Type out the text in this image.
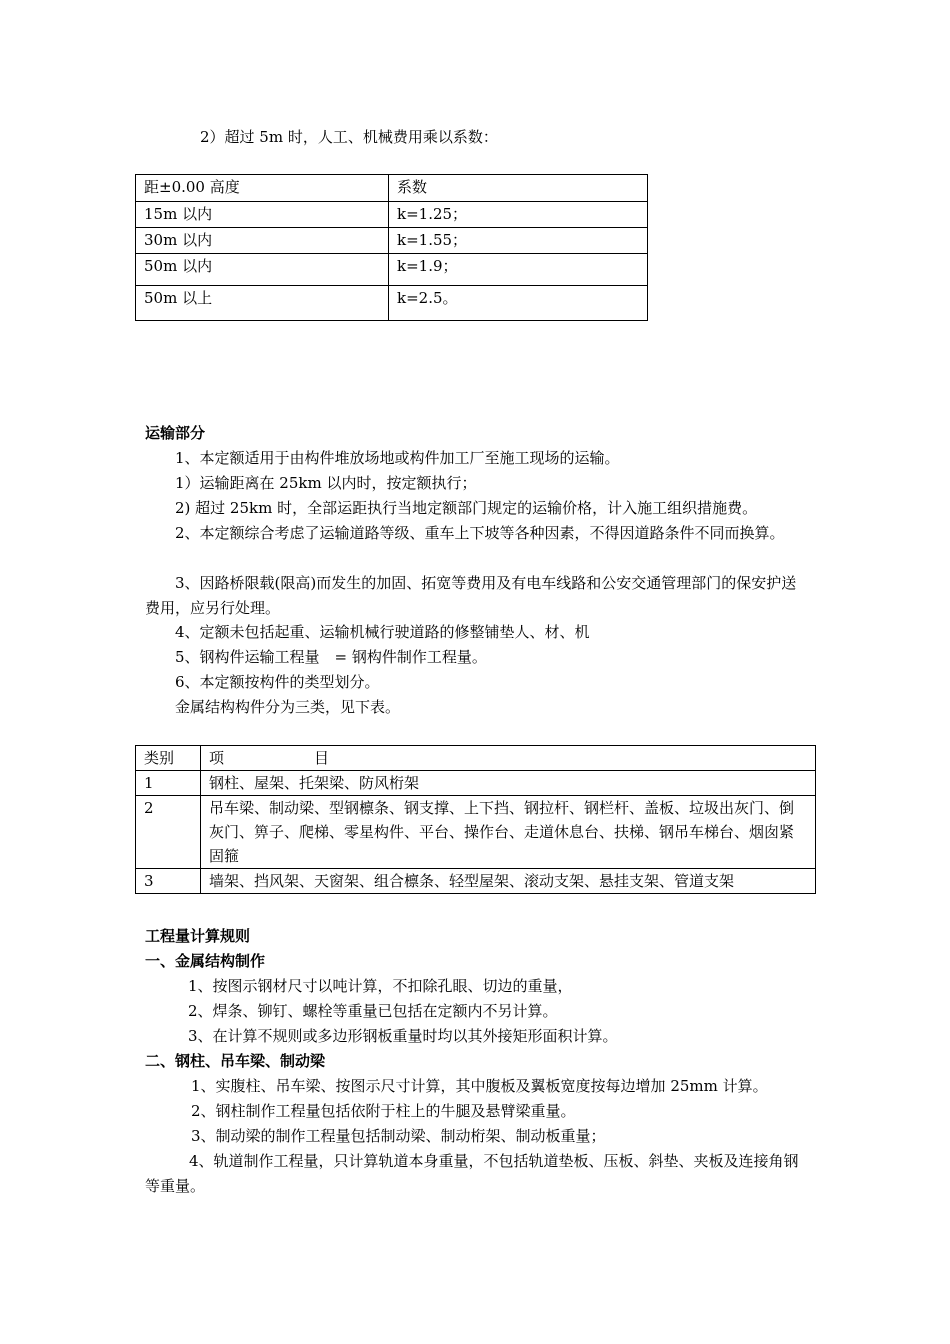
2）超过 5m 时，人工、机械费用乘以系数：
距±0.00 高度	系数
15m 以内	k=1.25；
30m 以内	k=1.55；
50m 以内	k=1.9；
50m 以上	k=2.5。
运输部分
1、本定额适用于由构件堆放场地或构件加工厂至施工现场的运输。
1）运输距离在 25km 以内时，按定额执行；
2) 超过 25km 时，全部运距执行当地定额部门规定的运输价格，计入施工组织措施费。
2、本定额综合考虑了运输道路等级、重车上下坡等各种因素，不得因道路条件不同而换算。
3、因路桥限载(限高)而发生的加固、拓宽等费用及有电车线路和公安交通管理部门的保安护送费用，应另行处理。
4、定额未包括起重、运输机械行驶道路的修整铺垫人、材、机
5、钢构件运输工程量　= 钢构件制作工程量。
6、本定额按构件的类型划分。
金属结构构件分为三类，见下表。
类别	项　　　　　　目
1	钢柱、屋架、托架梁、防风桁架
2	吊车梁、制动梁、型钢檩条、钢支撑、上下挡、钢拉杆、钢栏杆、盖板、垃圾出灰门、倒灰门、箅子、爬梯、零星构件、平台、操作台、走道休息台、扶梯、钢吊车梯台、烟囱紧固箍
3	墙架、挡风架、天窗架、组合檩条、轻型屋架、滚动支架、悬挂支架、管道支架
工程量计算规则
一、金属结构制作
1、按图示钢材尺寸以吨计算，不扣除孔眼、切边的重量，
2、焊条、铆钉、螺栓等重量已包括在定额内不另计算。
3、在计算不规则或多边形钢板重量时均以其外接矩形面积计算。
二、钢柱、吊车梁、制动梁
1、实腹柱、吊车梁、按图示尺寸计算，其中腹板及翼板宽度按每边增加 25mm 计算。
2、钢柱制作工程量包括依附于柱上的牛腿及悬臂梁重量。
3、制动梁的制作工程量包括制动梁、制动桁架、制动板重量；
4、轨道制作工程量，只计算轨道本身重量，不包括轨道垫板、压板、斜垫、夹板及连接角钢等重量。
